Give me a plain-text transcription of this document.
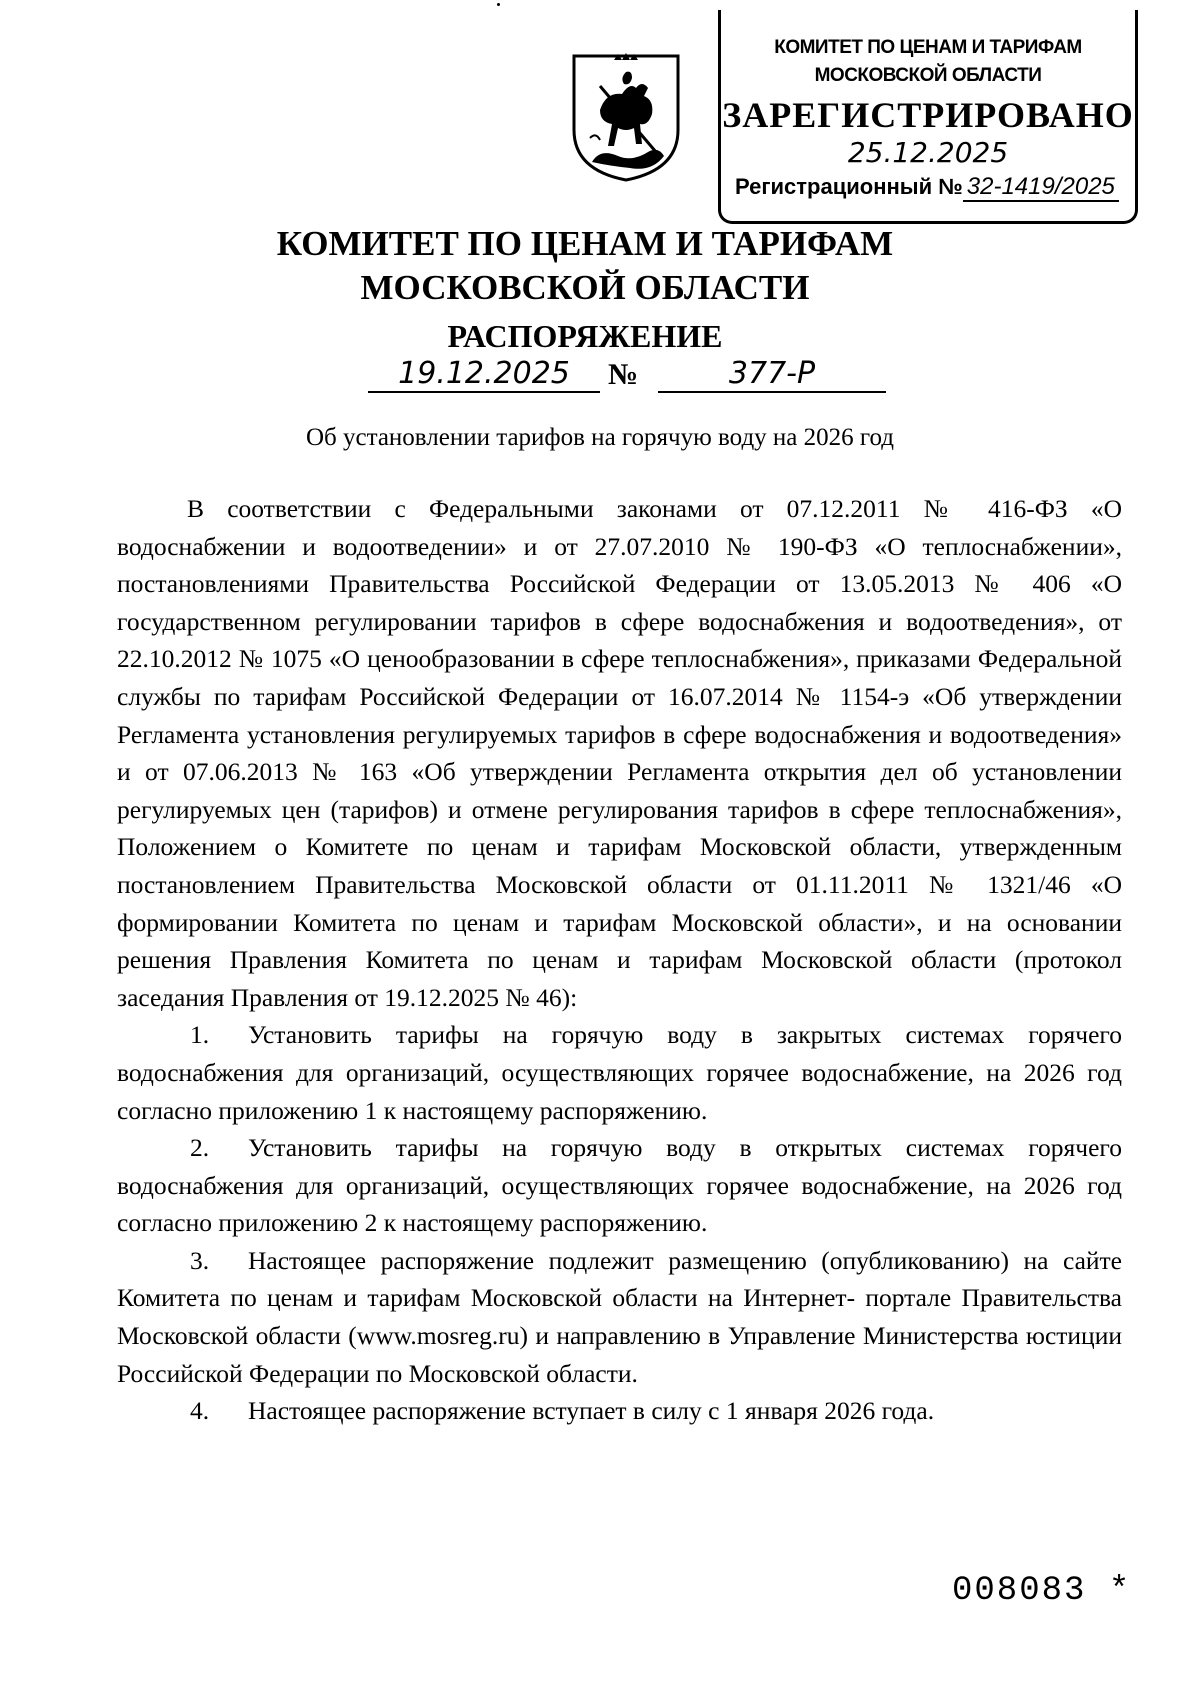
КОМИТЕТ ПО ЦЕНАМ И ТАРИФАМ
МОСКОВСКОЙ ОБЛАСТИ
ЗАРЕГИСТРИРОВАНО
25.12.2025
Регистрационный № 32-1419/2025
КОМИТЕТ ПО ЦЕНАМ И ТАРИФАМ
МОСКОВСКОЙ ОБЛАСТИ
РАСПОРЯЖЕНИЕ
19.12.2025	№	377-Р
Об установлении тарифов на горячую воду на 2026 год

В соответствии с Федеральными законами от 07.12.2011 № 416-ФЗ «О водоснабжении и водоотведении» и от 27.07.2010 № 190-ФЗ «О теплоснабжении», постановлениями Правительства Российской Федерации от 13.05.2013 № 406 «О государственном регулировании тарифов в сфере водоснабжения и водоотведения», от 22.10.2012 № 1075 «О ценообразовании в сфере теплоснабжения», приказами Федеральной службы по тарифам Российской Федерации от 16.07.2014 № 1154-э «Об утверждении Регламента установления регулируемых тарифов в сфере водоснабжения и водоотведения» и от 07.06.2013 № 163 «Об утверждении Регламента открытия дел об установлении регулируемых цен (тарифов) и отмене регулирования тарифов в сфере теплоснабжения», Положением о Комитете по ценам и тарифам Московской области, утвержденным постановлением Правительства Московской области от 01.11.2011 № 1321/46 «О формировании Комитета по ценам и тарифам Московской области», и на основании решения Правления Комитета по ценам и тарифам Московской области (протокол заседания Правления от 19.12.2025 № 46):

1. Установить тарифы на горячую воду в закрытых системах горячего водоснабжения для организаций, осуществляющих горячее водоснабжение, на 2026 год согласно приложению 1 к настоящему распоряжению.

2. Установить тарифы на горячую воду в открытых системах горячего водоснабжения для организаций, осуществляющих горячее водоснабжение, на 2026 год согласно приложению 2 к настоящему распоряжению.

3. Настоящее распоряжение подлежит размещению (опубликованию) на сайте Комитета по ценам и тарифам Московской области на Интернет- портале Правительства Московской области (www.mosreg.ru) и направлению в Управление Министерства юстиции Российской Федерации по Московской области.

4. Настоящее распоряжение вступает в силу с 1 января 2026 года.

008083 *
